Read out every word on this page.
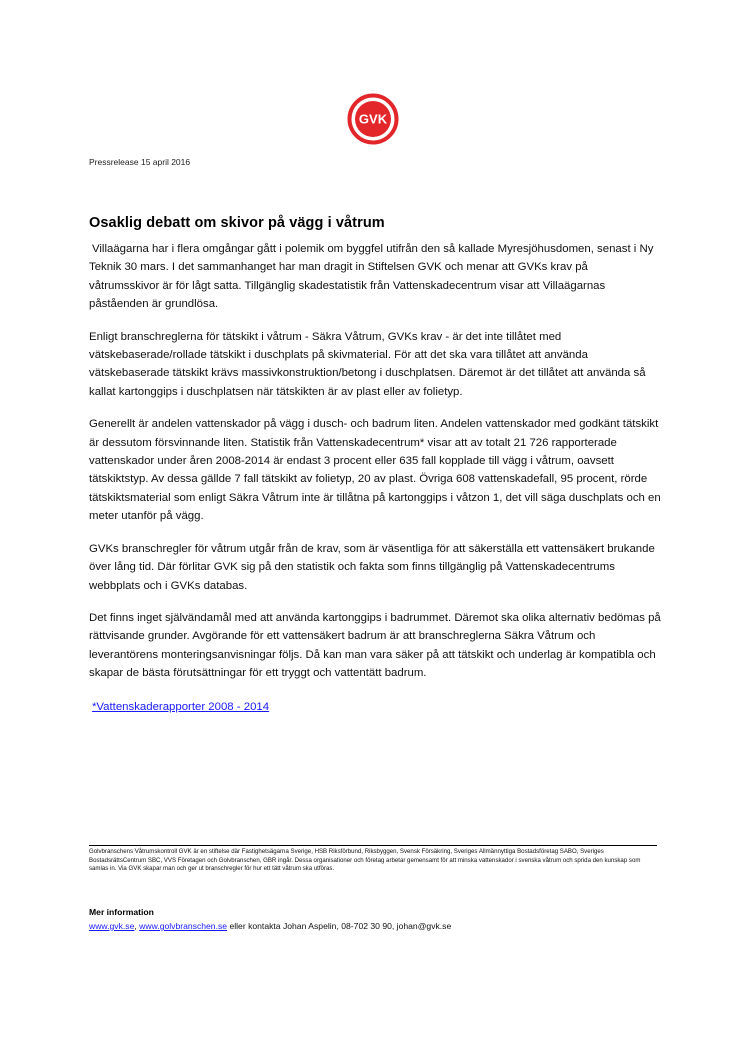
GVK
Pressrelease 15 april 2016
Osaklig debatt om skivor på vägg i våtrum

Villaägarna har i flera omgångar gått i polemik om byggfel utifrån den så kallade Myresjöhusdomen, senast i Ny Teknik 30 mars. I det sammanhanget har man dragit in Stiftelsen GVK och menar att GVKs krav på våtrumsskivor är för lågt satta. Tillgänglig skadestatistik från Vattenskadecentrum visar att Villaägarnas påståenden är grundlösa.

Enligt branschreglerna för tätskikt i våtrum - Säkra Våtrum, GVKs krav - är det inte tillåtet med vätskebaserade/rollade tätskikt i duschplats på skivmaterial. För att det ska vara tillåtet att använda vätskebaserade tätskikt krävs massivkonstruktion/betong i duschplatsen. Däremot är det tillåtet att använda så kallat kartonggips i duschplatsen när tätskikten är av plast eller av folietyp.

Generellt är andelen vattenskador på vägg i dusch- och badrum liten. Andelen vattenskador med godkänt tätskikt är dessutom försvinnande liten. Statistik från Vattenskadecentrum* visar att av totalt 21 726 rapporterade vattenskador under åren 2008-2014 är endast 3 procent eller 635 fall kopplade till vägg i våtrum, oavsett tätskiktstyp. Av dessa gällde 7 fall tätskikt av folietyp, 20 av plast. Övriga 608 vattenskadefall, 95 procent, rörde tätskiktsmaterial som enligt Säkra Våtrum inte är tillåtna på kartonggips i våtzon 1, det vill säga duschplats och en meter utanför på vägg.

GVKs branschregler för våtrum utgår från de krav, som är väsentliga för att säkerställa ett vattensäkert brukande över lång tid. Där förlitar GVK sig på den statistik och fakta som finns tillgänglig på Vattenskadecentrums webbplats och i GVKs databas.

Det finns inget självändamål med att använda kartonggips i badrummet. Däremot ska olika alternativ bedömas på rättvisande grunder. Avgörande för ett vattensäkert badrum är att branschreglerna Säkra Våtrum och leverantörens monteringsanvisningar följs. Då kan man vara säker på att tätskikt och underlag är kompatibla och skapar de bästa förutsättningar för ett tryggt och vattentätt badrum.

*Vattenskaderapporter 2008 - 2014
Golvbranschens Våtrumskontroll GVK är en stiftelse där Fastighetsägarna Sverige, HSB Riksförbund, Riksbyggen, Svensk Försäkring, Sveriges Allmännyttiga Bostadsföretag SABO, Sveriges BostadsrättsCentrum SBC, VVS Företagen och Golvbranschen, GBR ingår. Dessa organisationer och företag arbetar gemensamt för att minska vattenskador i svenska våtrum och sprida den kunskap som samlas in. Via GVK skapar man och ger ut branschregler för hur ett tätt våtrum ska utföras.
Mer information
www.gvk.se, www.golvbranschen.se eller kontakta Johan Aspelin, 08-702 30 90, johan@gvk.se
